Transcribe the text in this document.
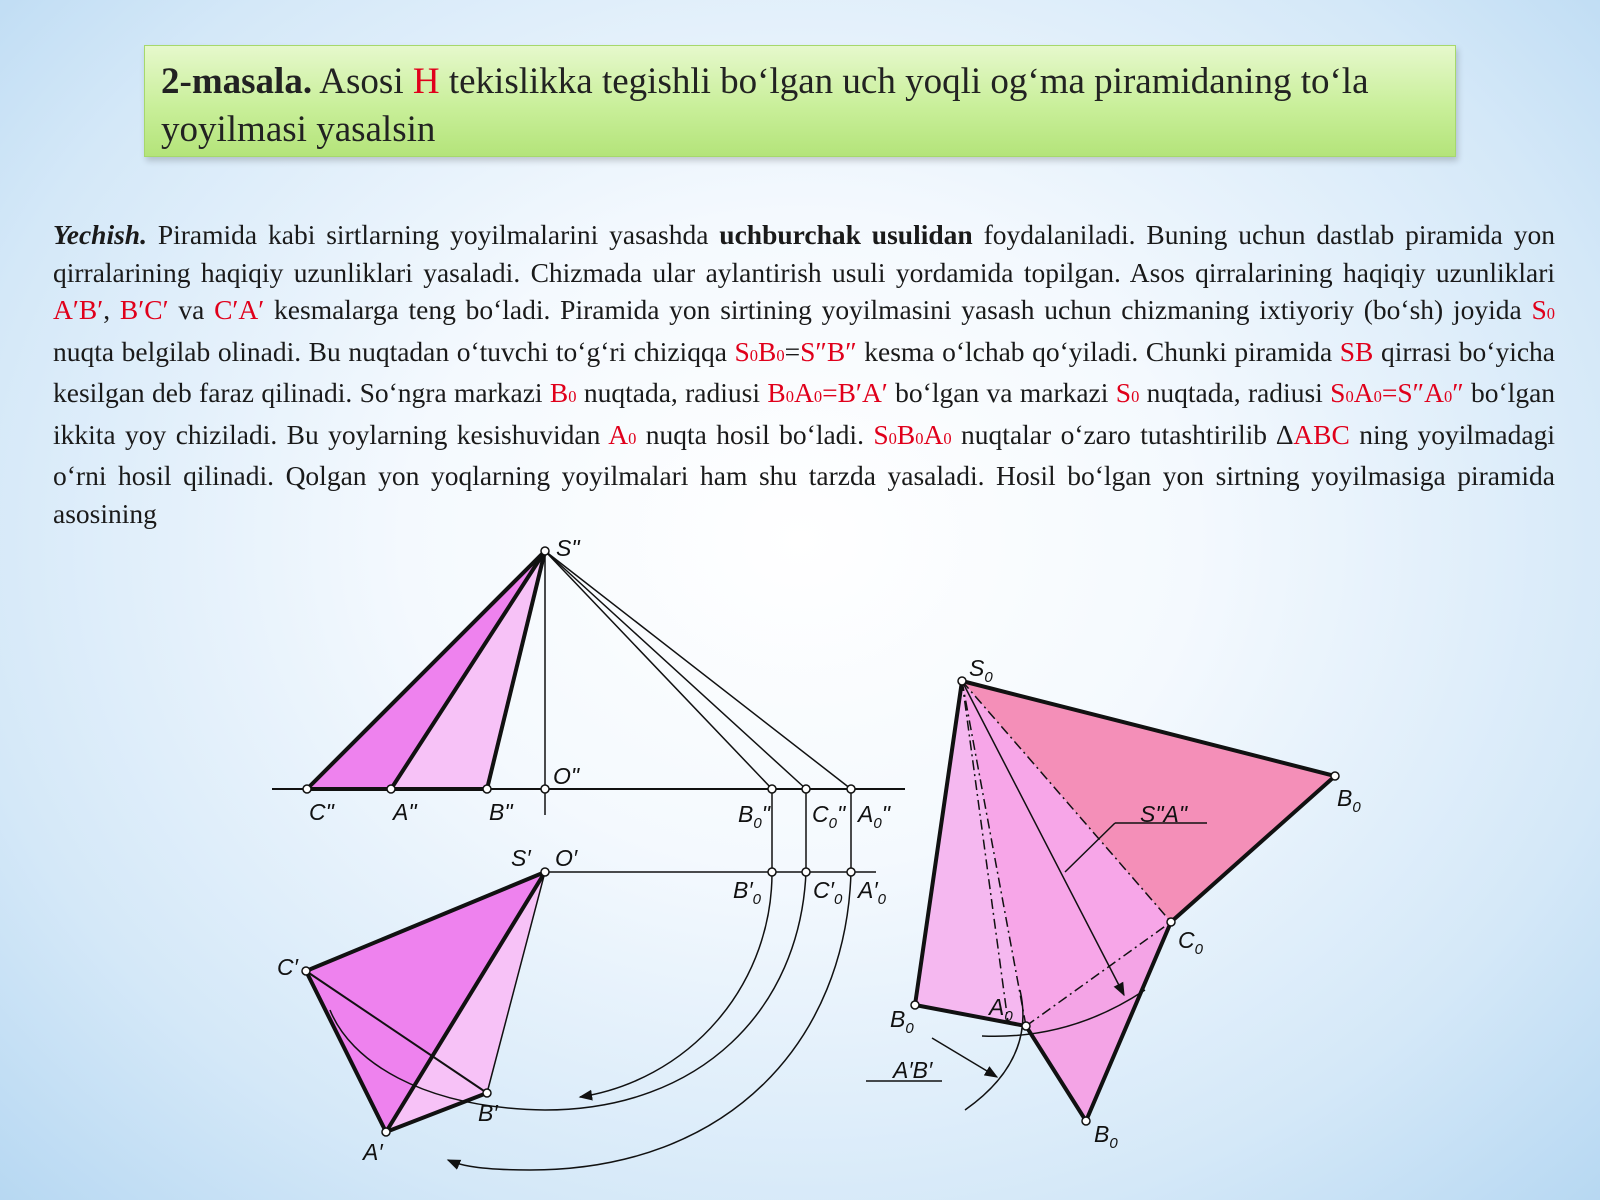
2-masala. Asosi H tekislikka tegishli bo‘lgan uch yoqli og‘ma piramidaning to‘la yoyilmasi yasalsin
Yechish. Piramida kabi sirtlarning yoyilmalarini yasashda uchburchak usulidan foydalaniladi. Buning uchun dastlab piramida yon qirralarining haqiqiy uzunliklari yasaladi. Chizmada ular aylantirish usuli yordamida topilgan. Asos qirralarining haqiqiy uzunliklari A′B′, B′C′ va C′A′ kesmalarga teng bo‘ladi. Piramida yon sirtining yoyilmasini yasash uchun chizmaning ixtiyoriy (bo‘sh) joyida S0 nuqta belgilab olinadi. Bu nuqtadan o‘tuvchi to‘g‘ri chiziqqa S0B0=S″B″ kesma o‘lchab qo‘yiladi. Chunki piramida SB qirrasi bo‘yicha kesilgan deb faraz qilinadi. So‘ngra markazi B0 nuqtada, radiusi B0A0=B′A′ bo‘lgan va markazi S0 nuqtada, radiusi S0A0=S″A0″ bo‘lgan ikkita yoy chiziladi. Bu yoylarning kesishuvidan A0 nuqta hosil bo‘ladi. S0B0A0 nuqtalar o‘zaro tutashtirilib ∆ABC ning yoyilmadagi o‘rni hosil qilinadi. Qolgan yon yoqlarning yoyilmalari ham shu tarzda yasaladi. Hosil bo‘lgan yon sirtning yoyilmasiga piramida asosining
S"
O"
C"	A"	B"	$B_0$" $C_0$" $A_0$"
S′ O′
$B'_0$ $C'_0$ $A'_0$
C′
B′
A′
$S_0$
$B_0$
$C_0$
$A_0$
$B_0$
$B_0$
S"A"
A′B′
